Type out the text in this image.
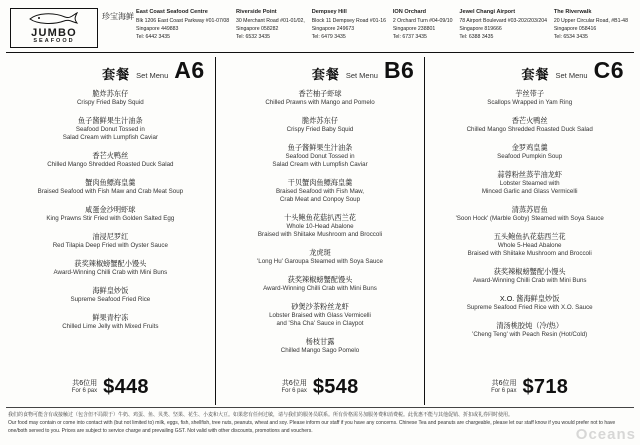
JUMBO
SEAFOOD
珍宝海鲜 East Coast Seafood Centre
Blk 1206 East Coast Parkway #01-07/08
Singapore 449883
Tel: 6442 3435
Riverside Point
30 Merchant Road #01-01/02,
Singapore 058282
Tel: 6532 3435
Dempsey Hill
Block 11 Dempsey Road #01-16
Singapore 249673
Tel: 6479 3435
ION Orchard
2 Orchard Turn #04-09/10
Singapore 238801
Tel: 6737 3435
Jewel Changi Airport
78 Airport Boulevard #03-202/203/204
Singapore 819666
Tel: 6388 3435
The Riverwalk
20 Upper Circular Road, #B1-48
Singapore 058416
Tel: 6534 3435
套餐 Set Menu A6
脆炸苏东仔
Crispy Fried Baby Squid
鱼子酱鲜果生汁油条
Seafood Donut Tossed in
Salad Cream with Lumpfish Caviar
香芒火鸭丝
Chilled Mango Shredded Roasted Duck Salad
蟹肉鱼鳔海皇羹
Braised Seafood with Fish Maw and Crab Meat Soup
咸蛋金沙明虾球
King Prawns Stir Fried with Golden Salted Egg
油浸尼罗红
Red Tilapia Deep Fried with Oyster Sauce
获奖辣椒螃蟹配小馒头
Award-Winning Chilli Crab with Mini Buns
海鲜皇炒饭
Supreme Seafood Fried Rice
鲜果青柠冻
Chilled Lime Jelly with Mixed Fruits
共6位用
For 6 pax $448
套餐 Set Menu B6
香芒柚子虾球
Chilled Prawns with Mango and Pomelo
脆炸苏东仔
Crispy Fried Baby Squid
鱼子酱鲜果生汁油条
Seafood Donut Tossed in
Salad Cream with Lumpfish Caviar
干贝蟹肉鱼鳔海皇羹
Braised Seafood with Fish Maw,
Crab Meat and Conpoy Soup
十头鲍鱼花菇扒西兰花
Whole 10-Head Abalone
Braised with Shiitake Mushroom and Broccoli
龙虎斑
'Long Hu' Garoupa Steamed with Soya Sauce
获奖辣椒螃蟹配馒头
Award-Winning Chilli Crab with Mini Buns
砂煲沙茶粉丝龙虾
Lobster Braised with Glass Vermicelli
and 'Sha Cha' Sauce in Claypot
杨枝甘露
Chilled Mango Sago Pomelo
共6位用
For 6 pax $548
套餐 Set Menu C6
芋丝带子
Scallops Wrapped in Yam Ring
香芒火鸭丝
Chilled Mango Shredded Roasted Duck Salad
金罗鸡皇羹
Seafood Pumpkin Soup
蒜蓉粉丝蒸芋油龙虾
Lobster Steamed with
Minced Garlic and Glass Vermicelli
清蒸苏眉鱼
'Soon Hock' (Marble Goby) Steamed with Soya Sauce
五头鲍鱼扒花菇西兰花
Whole 5-Head Abalone
Braised with Shiitake Mushroom and Broccoli
获奖辣椒螃蟹配小馒头
Award-Winning Chilli Crab with Mini Buns
X.O. 酱海鲜皇炒饭
Supreme Seafood Fried Rice with X.O. Sauce
清汤桃胶炖（冷/热）
'Cheng Teng' with Peach Resin (Hot/Cold)
共6位用
For 6 pax $718
我们的食物可能含有或接触过（包含但不局限于）牛奶、鸡蛋、鱼、贝类、坚果、花生、小麦和大豆。如果您有任何过敏，请与我们的服务员联系。所有价格需另加服务费和消费税。此优惠不能与其他促销、折扣或礼券同时使用。
Our food may contain or come into contact with (but not limited to) milk, eggs, fish, shellfish, tree nuts, peanuts, wheat and soy. Please inform our staff if you have any concerns. Chinese Tea and peanuts are chargeable, please let our staff know if you would prefer not to have one/both served to you. Prices are subject to service charge and prevailing GST. Not valid with other discounts, promotions and vouchers.	Oceans
